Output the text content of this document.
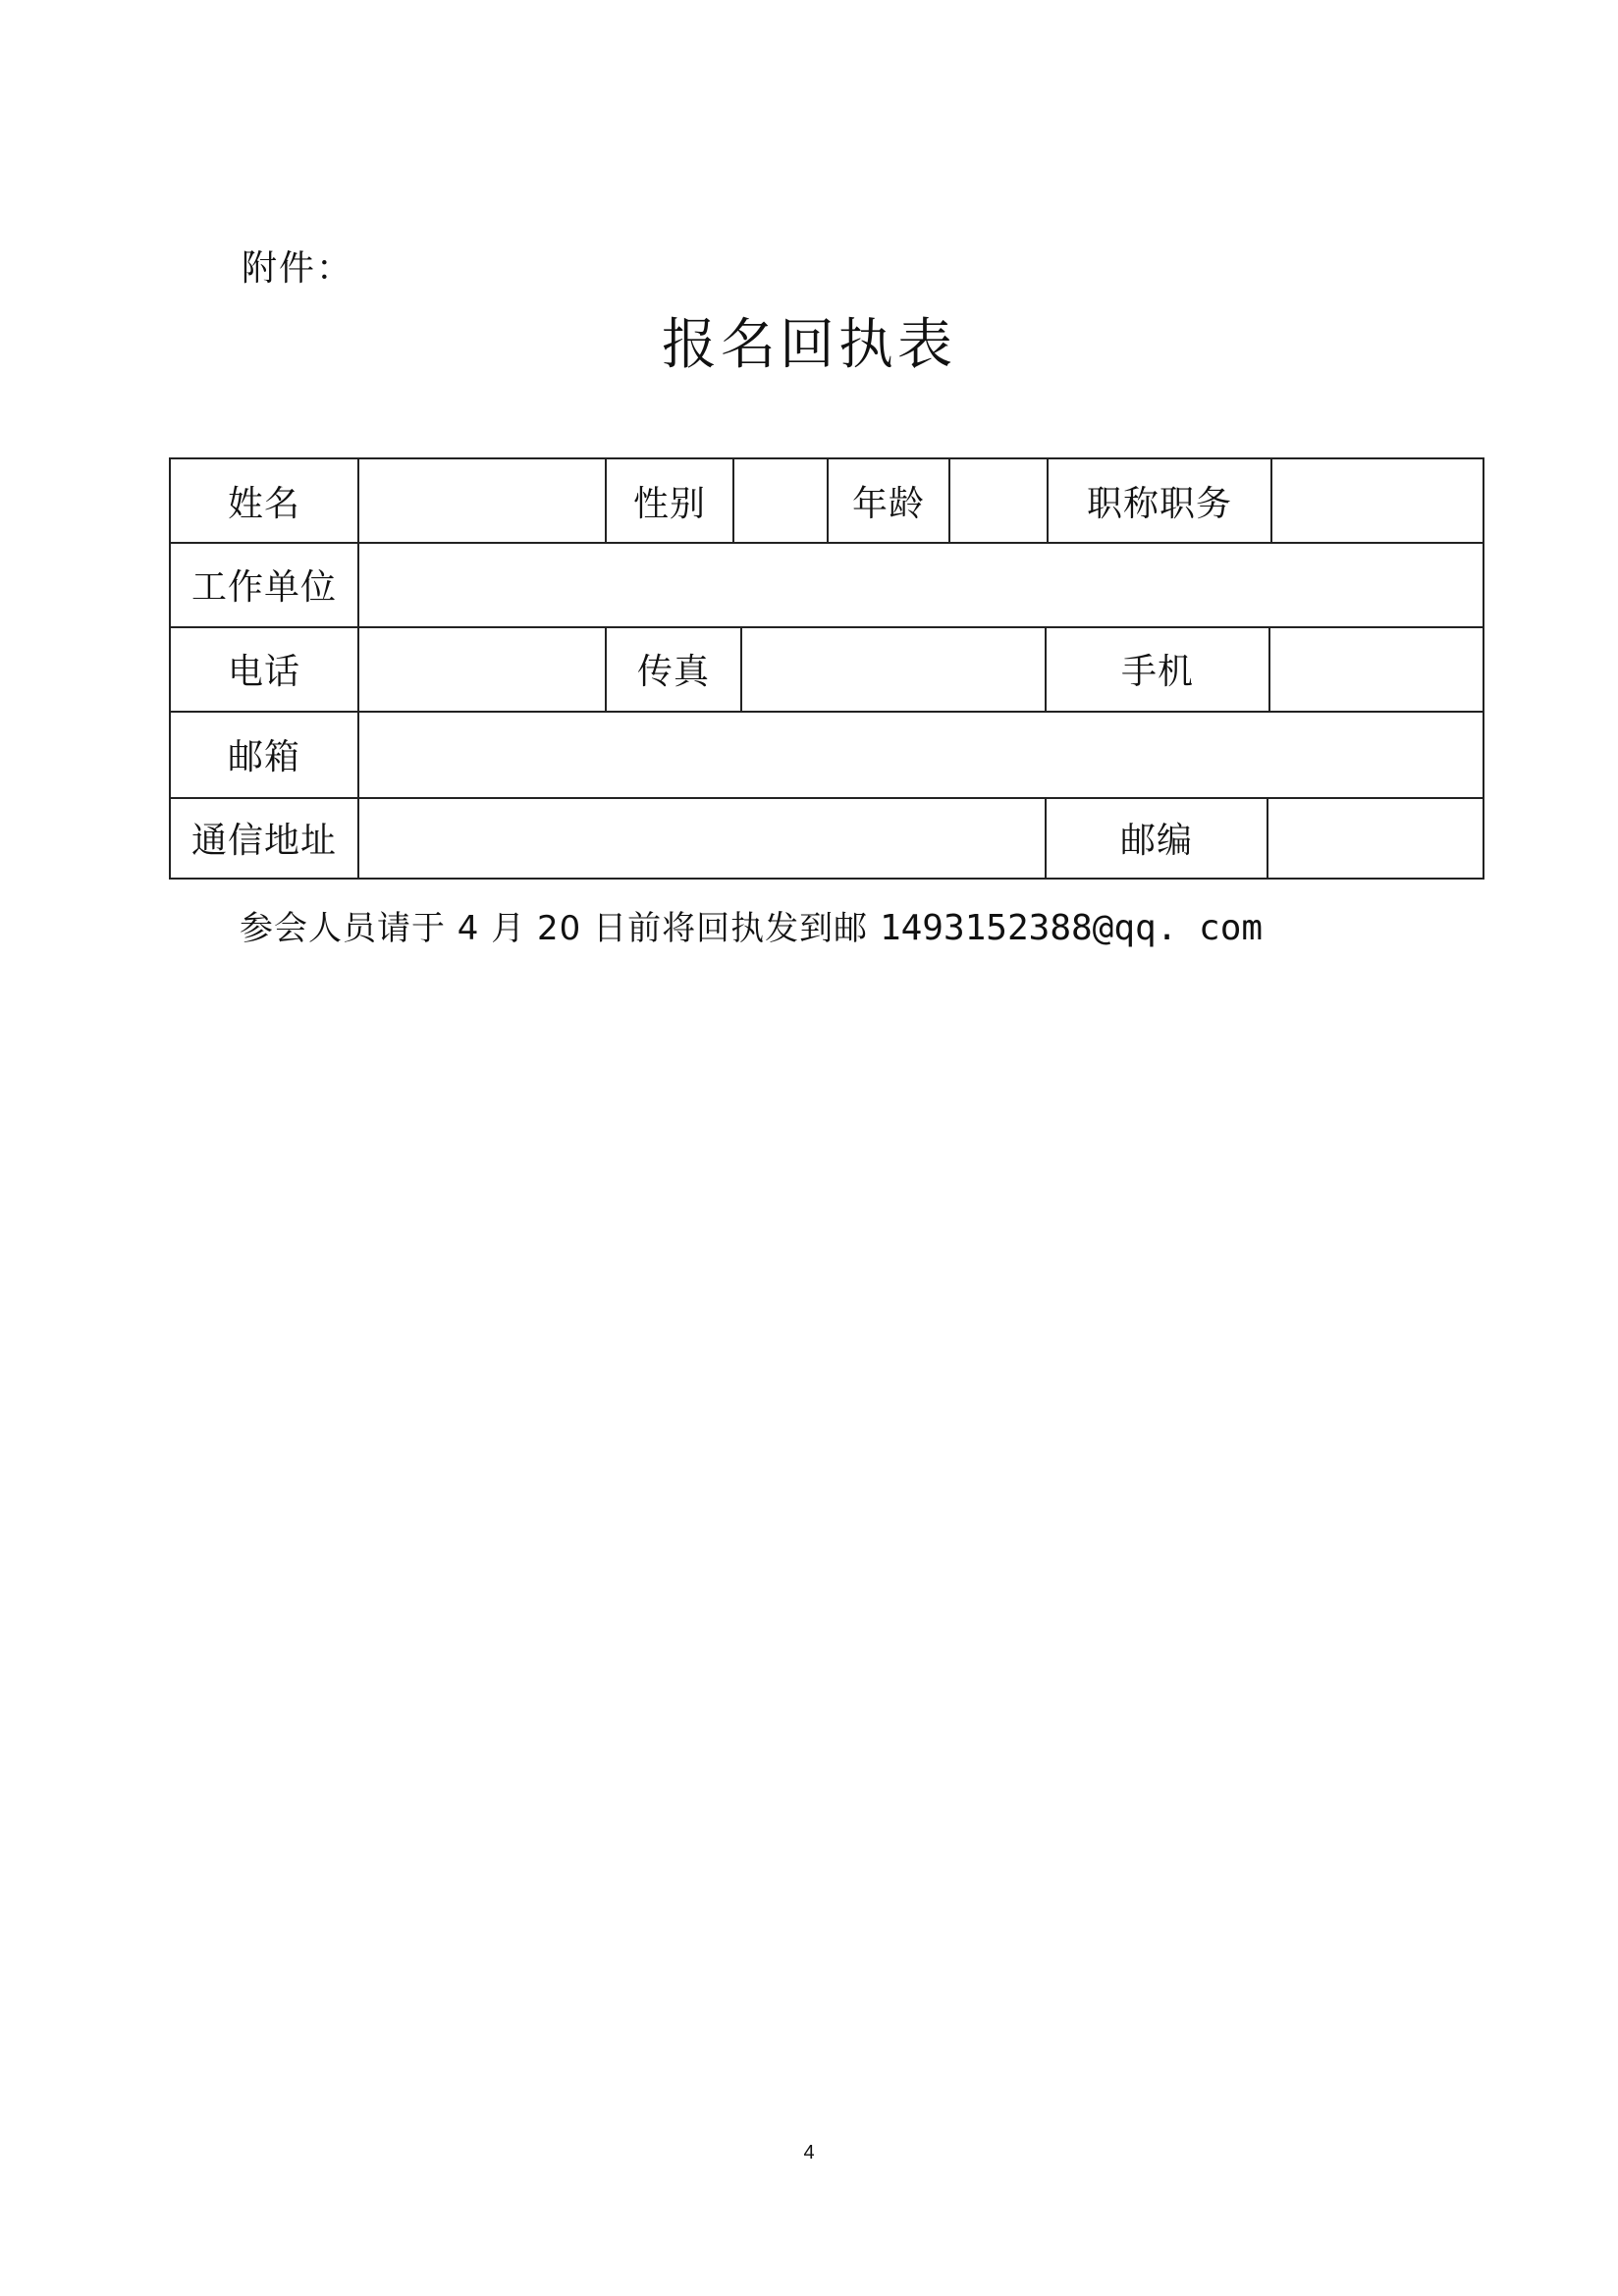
附件：
报名回执表
姓名	性别	年龄	职称职务
工作单位
电话	传真	手机
邮箱
通信地址	邮编
参会人员请于 4 月 20 日前将回执发到邮 1493152388@qq. com
4
